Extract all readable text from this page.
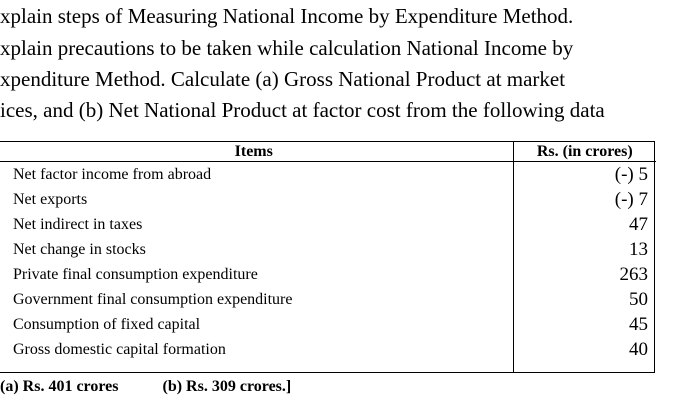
xplain steps of Measuring National Income by Expenditure Method.

xplain precautions to be taken while calculation National Income by

xpenditure Method. Calculate (a) Gross National Product at market

ices, and (b) Net National Product at factor cost from the following data

Items	Rs. (in crores)
Net factor income from abroad	(-) 5
Net exports	(-) 7
Net indirect in taxes	47
Net change in stocks	13
Private final consumption expenditure	263
Government final consumption expenditure	50
Consumption of fixed capital	45
Gross domestic capital formation	40

(a) Rs. 401 crores	(b) Rs. 309 crores.]
